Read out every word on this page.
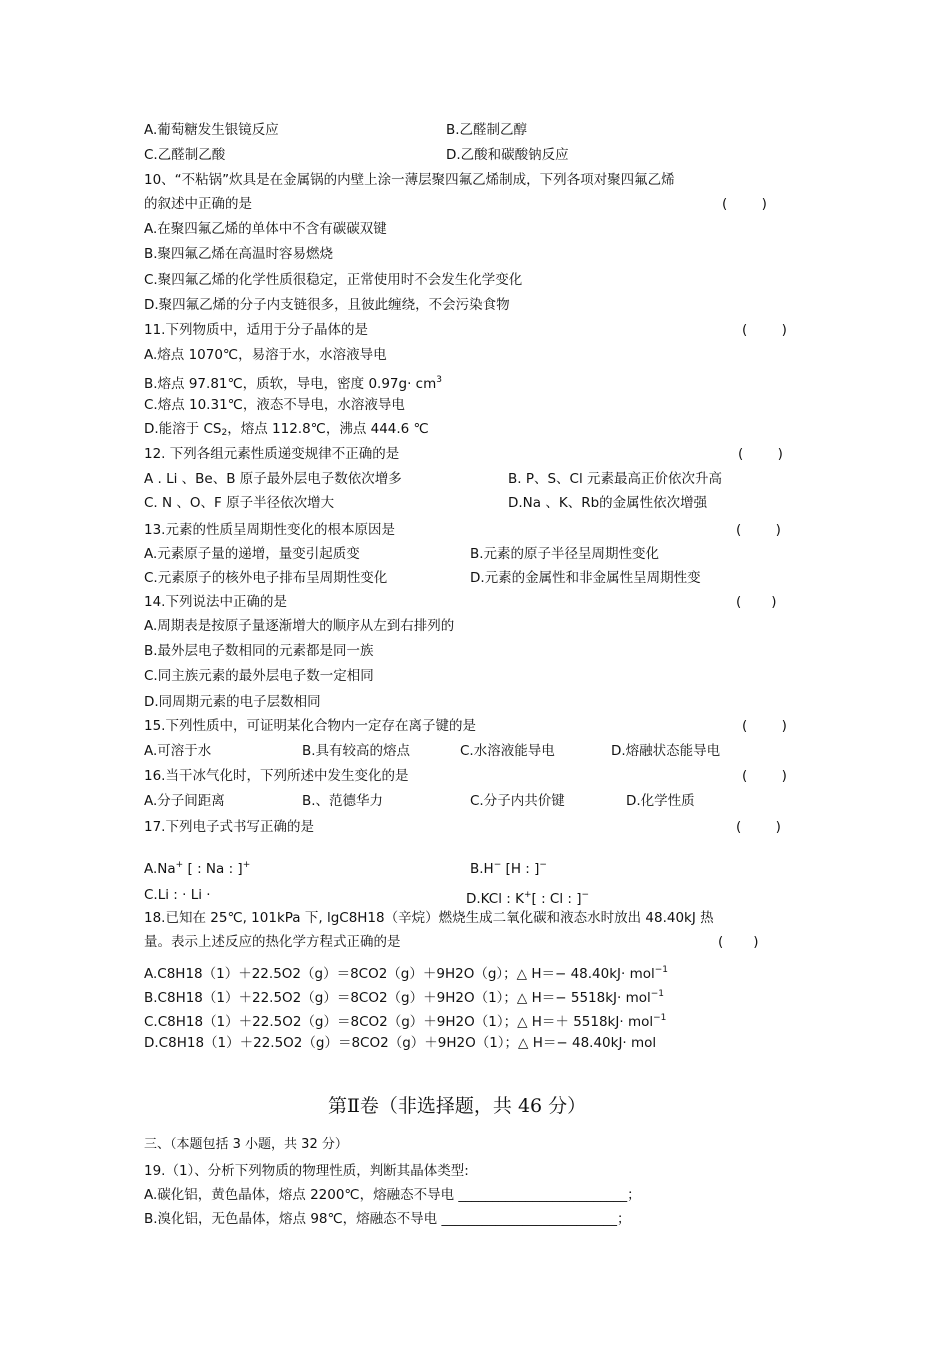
A.葡萄糖发生银镜反应	B.乙醛制乙醇
C.乙醛制乙酸	D.乙酸和碳酸钠反应
10、“不粘锅”炊具是在金属锅的内壁上涂一薄层聚四氟乙烯制成，下列各项对聚四氟乙烯
的叙述中正确的是	(        )
A.在聚四氟乙烯的单体中不含有碳碳双键
B.聚四氟乙烯在高温时容易燃烧
C.聚四氟乙烯的化学性质很稳定，正常使用时不会发生化学变化
D.聚四氟乙烯的分子内支链很多，且彼此缠绕，不会污染食物
11.下列物质中，适用于分子晶体的是	(        )
A.熔点 1070℃，易溶于水，水溶液导电
B.熔点 97.81℃，质软，导电，密度 $0.97g\cdot cm^3$
C.熔点 10.31℃，液态不导电，水溶液导电
D.能溶于 $CS_2$，熔点 112.8℃，沸点 444.6 ℃
12. 下列各组元素性质递变规律不正确的是	(        )
A . Li 、Be、B 原子最外层电子数依次增多	B. P、S、Cl 元素最高正价依次升高
C. N 、O、F 原子半径依次增大	D.Na 、K、Rb的金属性依次增强
13.元素的性质呈周期性变化的根本原因是	(        )
A.元素原子量的递增，量变引起质变	B.元素的原子半径呈周期性变化
C.元素原子的核外电子排布呈周期性变化	D.元素的金属性和非金属性呈周期性变
14.下列说法中正确的是	(       )
A.周期表是按原子量逐渐增大的顺序从左到右排列的
B.最外层电子数相同的元素都是同一族
C.同主族元素的最外层电子数一定相同
D.同周期元素的电子层数相同
15.下列性质中，可证明某化合物内一定存在离子键的是	(        )
A.可溶于水	B.具有较高的熔点	C.水溶液能导电	D.熔融状态能导电
16.当干冰气化时，下列所述中发生变化的是	(        )
A.分子间距离	B.、范德华力	C.分子内共价键	D.化学性质
17.下列电子式书写正确的是	(        )
A.Na+ [ : Na : ]+	B.H− [H : ]−
C.Li : · Li ·	D.KCl : K+[ : Cl : ]−
18.已知在 25℃, 101kPa 下, lgC8H18（辛烷）燃烧生成二氧化碳和液态水时放出 48.40kJ 热
量。表示上述反应的热化学方程式正确的是	(       )
A.C8H18（1）＋22.5O2（g）＝8CO2（g）＋9H2O（g）；△ H＝− 48.40kJ· mol$^{-1}$
B.C8H18（1）＋22.5O2（g）＝8CO2（g）＋9H2O（1）；△ H＝− 5518kJ· mol$^{-1}$
C.C8H18（1）＋22.5O2（g）＝8CO2（g）＋9H2O（1）；△ H＝＋ 5518kJ· mol$^{-1}$
D.C8H18（1）＋22.5O2（g）＝8CO2（g）＋9H2O（1）；△ H＝− 48.40kJ· mol
第Ⅱ卷（非选择题，共 46 分）
三、（本题包括 3 小题，共 32 分）
19.（1）、分析下列物质的物理性质，判断其晶体类型:
A.碳化铝，黄色晶体，熔点 2200℃，熔融态不导电 _________________________；
B.溴化铝，无色晶体，熔点 98℃，熔融态不导电 __________________________；
